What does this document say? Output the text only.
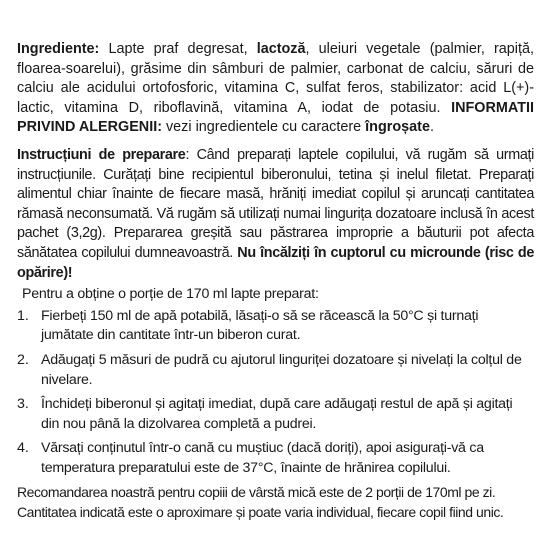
Ingrediente: Lapte praf degresat, lactoză, uleiuri vegetale (palmier, rapiță, floarea-soarelui), grăsime din sâmburi de palmier, carbonat de calciu, săruri de calciu ale acidului ortofosforic, vitamina C, sulfat feros, stabilizator: acid L(+)-lactic, vitamina D, riboflavină, vitamina A, iodat de potasiu. INFORMATII PRIVIND ALERGENII: vezi ingredientele cu caractere îngroșate.

Instrucțiuni de preparare: Când preparați laptele copilului, vă rugăm să urmați instrucțiunile. Curățați bine recipientul biberonului, tetina și inelul filetat. Preparați alimentul chiar înainte de fiecare masă, hrăniți imediat copilul și aruncați cantitatea rămasă neconsumată. Vă rugăm să utilizați numai lingurița dozatoare inclusă în acest pachet (3,2g). Prepararea greșită sau păstrarea improprie a băuturii pot afecta sănătatea copilului dumneavoastră. Nu încălziți în cuptorul cu microunde (risc de opărire)!

Pentru a obține o porție de 170 ml lapte preparat:

1. Fierbeți 150 ml de apă potabilă, lăsați-o să se răcească la 50°C și turnați jumătate din cantitate într-un biberon curat.
2. Adăugați 5 măsuri de pudră cu ajutorul linguriței dozatoare și nivelați la colțul de nivelare.
3. Închideți biberonul și agitați imediat, după care adăugați restul de apă și agitați din nou până la dizolvarea completă a pudrei.
4. Vărsați conținutul într-o cană cu muștiuc (dacă doriți), apoi asigurați-vă ca temperatura preparatului este de 37°C, înainte de hrănirea copilului.

Recomandarea noastră pentru copiii de vârstă mică este de 2 porții de 170ml pe zi.

Cantitatea indicată este o aproximare și poate varia individual, fiecare copil fiind unic.
